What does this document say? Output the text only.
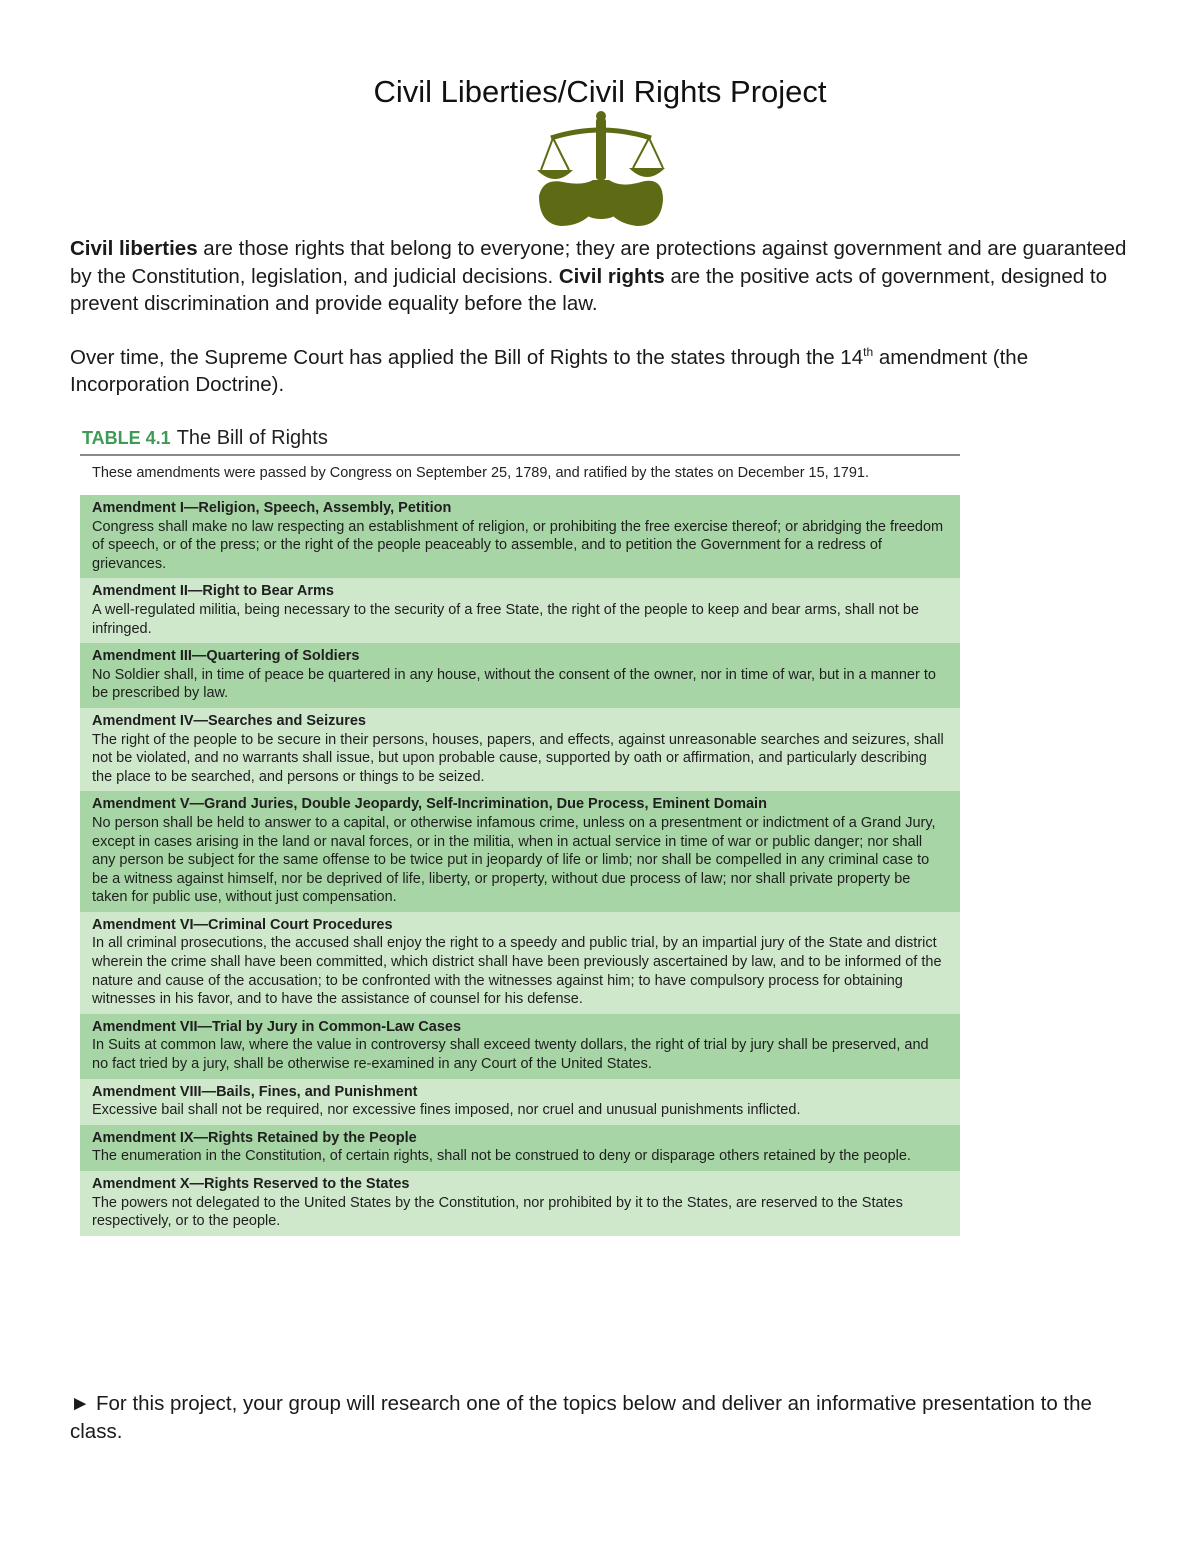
Civil Liberties/Civil Rights Project

Civil liberties are those rights that belong to everyone; they are protections against government and are guaranteed by the Constitution, legislation, and judicial decisions. Civil rights are the positive acts of government, designed to prevent discrimination and provide equality before the law.

Over time, the Supreme Court has applied the Bill of Rights to the states through the 14th amendment (the Incorporation Doctrine).

TABLE 4.1 The Bill of Rights
These amendments were passed by Congress on September 25, 1789, and ratified by the states on December 15, 1791.
Amendment I—Religion, Speech, Assembly, Petition
Congress shall make no law respecting an establishment of religion, or prohibiting the free exercise thereof; or abridging the freedom of speech, or of the press; or the right of the people peaceably to assemble, and to petition the Government for a redress of grievances.
Amendment II—Right to Bear Arms
A well-regulated militia, being necessary to the security of a free State, the right of the people to keep and bear arms, shall not be infringed.
Amendment III—Quartering of Soldiers
No Soldier shall, in time of peace be quartered in any house, without the consent of the owner, nor in time of war, but in a manner to be prescribed by law.
Amendment IV—Searches and Seizures
The right of the people to be secure in their persons, houses, papers, and effects, against unreasonable searches and seizures, shall not be violated, and no warrants shall issue, but upon probable cause, supported by oath or affirmation, and particularly describing the place to be searched, and persons or things to be seized.
Amendment V—Grand Juries, Double Jeopardy, Self-Incrimination, Due Process, Eminent Domain
No person shall be held to answer to a capital, or otherwise infamous crime, unless on a presentment or indictment of a Grand Jury, except in cases arising in the land or naval forces, or in the militia, when in actual service in time of war or public danger; nor shall any person be subject for the same offense to be twice put in jeopardy of life or limb; nor shall be compelled in any criminal case to be a witness against himself, nor be deprived of life, liberty, or property, without due process of law; nor shall private property be taken for public use, without just compensation.
Amendment VI—Criminal Court Procedures
In all criminal prosecutions, the accused shall enjoy the right to a speedy and public trial, by an impartial jury of the State and district wherein the crime shall have been committed, which district shall have been previously ascertained by law, and to be informed of the nature and cause of the accusation; to be confronted with the witnesses against him; to have compulsory process for obtaining witnesses in his favor, and to have the assistance of counsel for his defense.
Amendment VII—Trial by Jury in Common-Law Cases
In Suits at common law, where the value in controversy shall exceed twenty dollars, the right of trial by jury shall be preserved, and no fact tried by a jury, shall be otherwise re-examined in any Court of the United States.
Amendment VIII—Bails, Fines, and Punishment
Excessive bail shall not be required, nor excessive fines imposed, nor cruel and unusual punishments inflicted.
Amendment IX—Rights Retained by the People
The enumeration in the Constitution, of certain rights, shall not be construed to deny or disparage others retained by the people.
Amendment X—Rights Reserved to the States
The powers not delegated to the United States by the Constitution, nor prohibited by it to the States, are reserved to the States respectively, or to the people.
► For this project, your group will research one of the topics below and deliver an informative presentation to the class.
